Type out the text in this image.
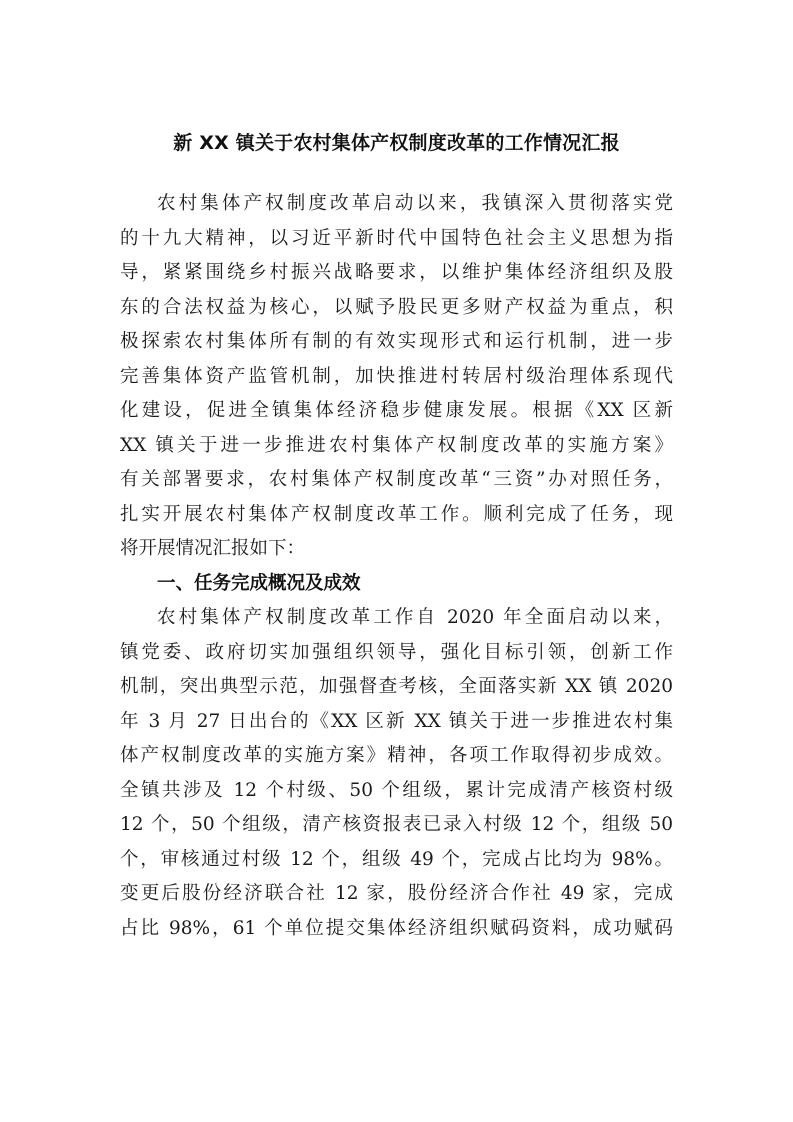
新 XX 镇关于农村集体产权制度改革的工作情况汇报
农村集体产权制度改革启动以来，我镇深入贯彻落实党
的十九大精神，以习近平新时代中国特色社会主义思想为指
导，紧紧围绕乡村振兴战略要求，以维护集体经济组织及股
东的合法权益为核心，以赋予股民更多财产权益为重点，积
极探索农村集体所有制的有效实现形式和运行机制，进一步
完善集体资产监管机制，加快推进村转居村级治理体系现代
化建设，促进全镇集体经济稳步健康发展。根据《XX 区新
XX 镇关于进一步推进农村集体产权制度改革的实施方案》
有关部署要求，农村集体产权制度改革“三资”办对照任务，
扎实开展农村集体产权制度改革工作。顺利完成了任务，现
将开展情况汇报如下：
一、任务完成概况及成效
农村集体产权制度改革工作自 2020 年全面启动以来，
镇党委、政府切实加强组织领导，强化目标引领，创新工作
机制，突出典型示范，加强督查考核，全面落实新 XX 镇 2020
年 3 月 27 日出台的《XX 区新 XX 镇关于进一步推进农村集
体产权制度改革的实施方案》精神，各项工作取得初步成效。
全镇共涉及 12 个村级、50 个组级，累计完成清产核资村级
12 个，50 个组级，清产核资报表已录入村级 12 个，组级 50
个，审核通过村级 12 个，组级 49 个，完成占比均为 98%。
变更后股份经济联合社 12 家，股份经济合作社 49 家，完成
占比 98%，61 个单位提交集体经济组织赋码资料，成功赋码
